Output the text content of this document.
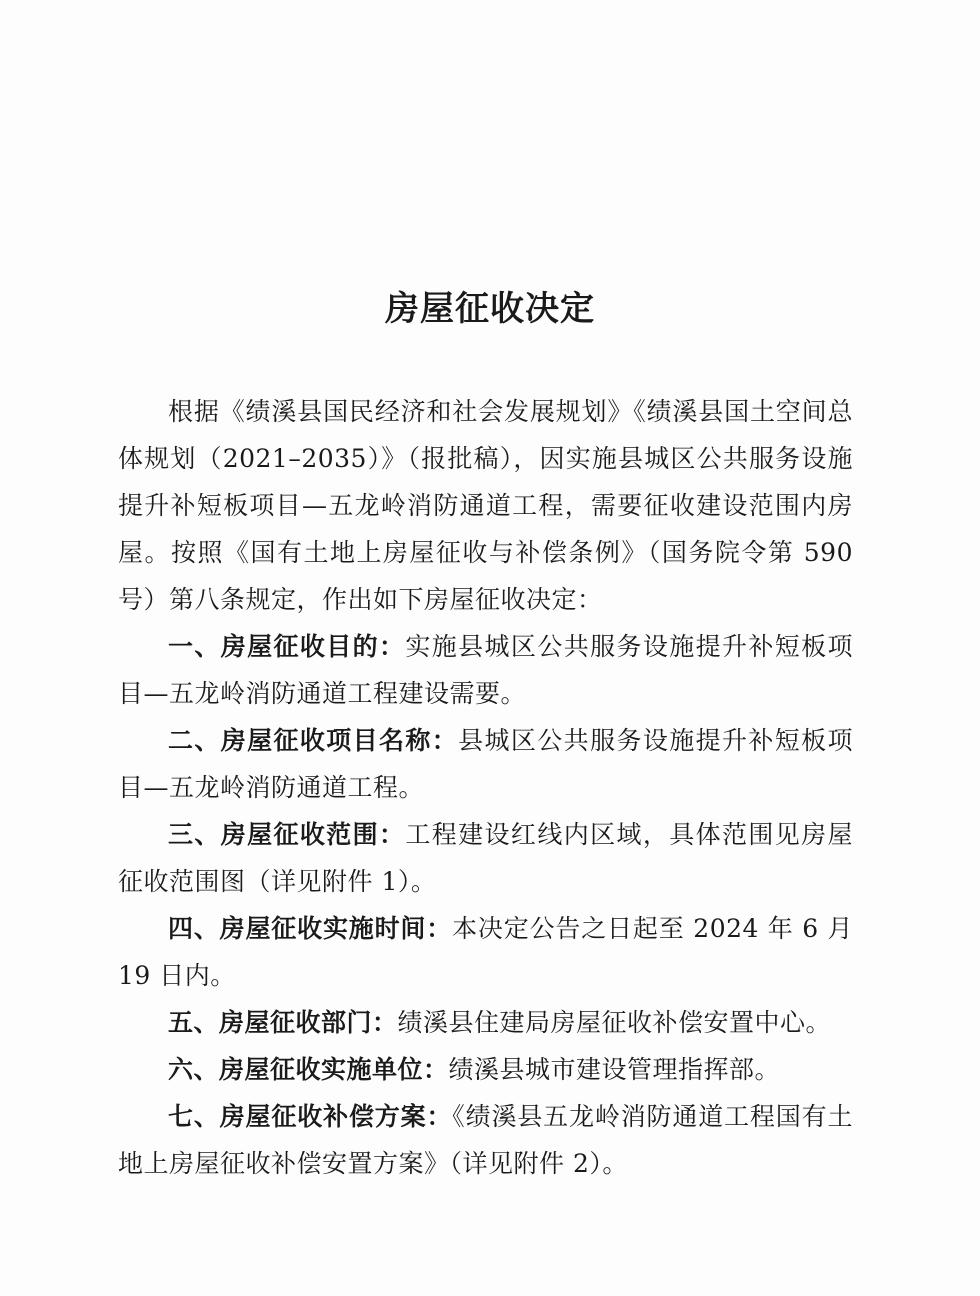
房屋征收决定

根据《绩溪县国民经济和社会发展规划》《绩溪县国土空间总体规划（2021–2035）》（报批稿），因实施县城区公共服务设施提升补短板项目—五龙岭消防通道工程，需要征收建设范围内房屋。按照《国有土地上房屋征收与补偿条例》（国务院令第 590 号）第八条规定，作出如下房屋征收决定：

一、房屋征收目的：实施县城区公共服务设施提升补短板项目—五龙岭消防通道工程建设需要。

二、房屋征收项目名称：县城区公共服务设施提升补短板项目—五龙岭消防通道工程。

三、房屋征收范围：工程建设红线内区域，具体范围见房屋征收范围图（详见附件 1）。

四、房屋征收实施时间：本决定公告之日起至 2024 年 6 月 19 日内。

五、房屋征收部门：绩溪县住建局房屋征收补偿安置中心。

六、房屋征收实施单位：绩溪县城市建设管理指挥部。

七、房屋征收补偿方案：《绩溪县五龙岭消防通道工程国有土地上房屋征收补偿安置方案》（详见附件 2）。
